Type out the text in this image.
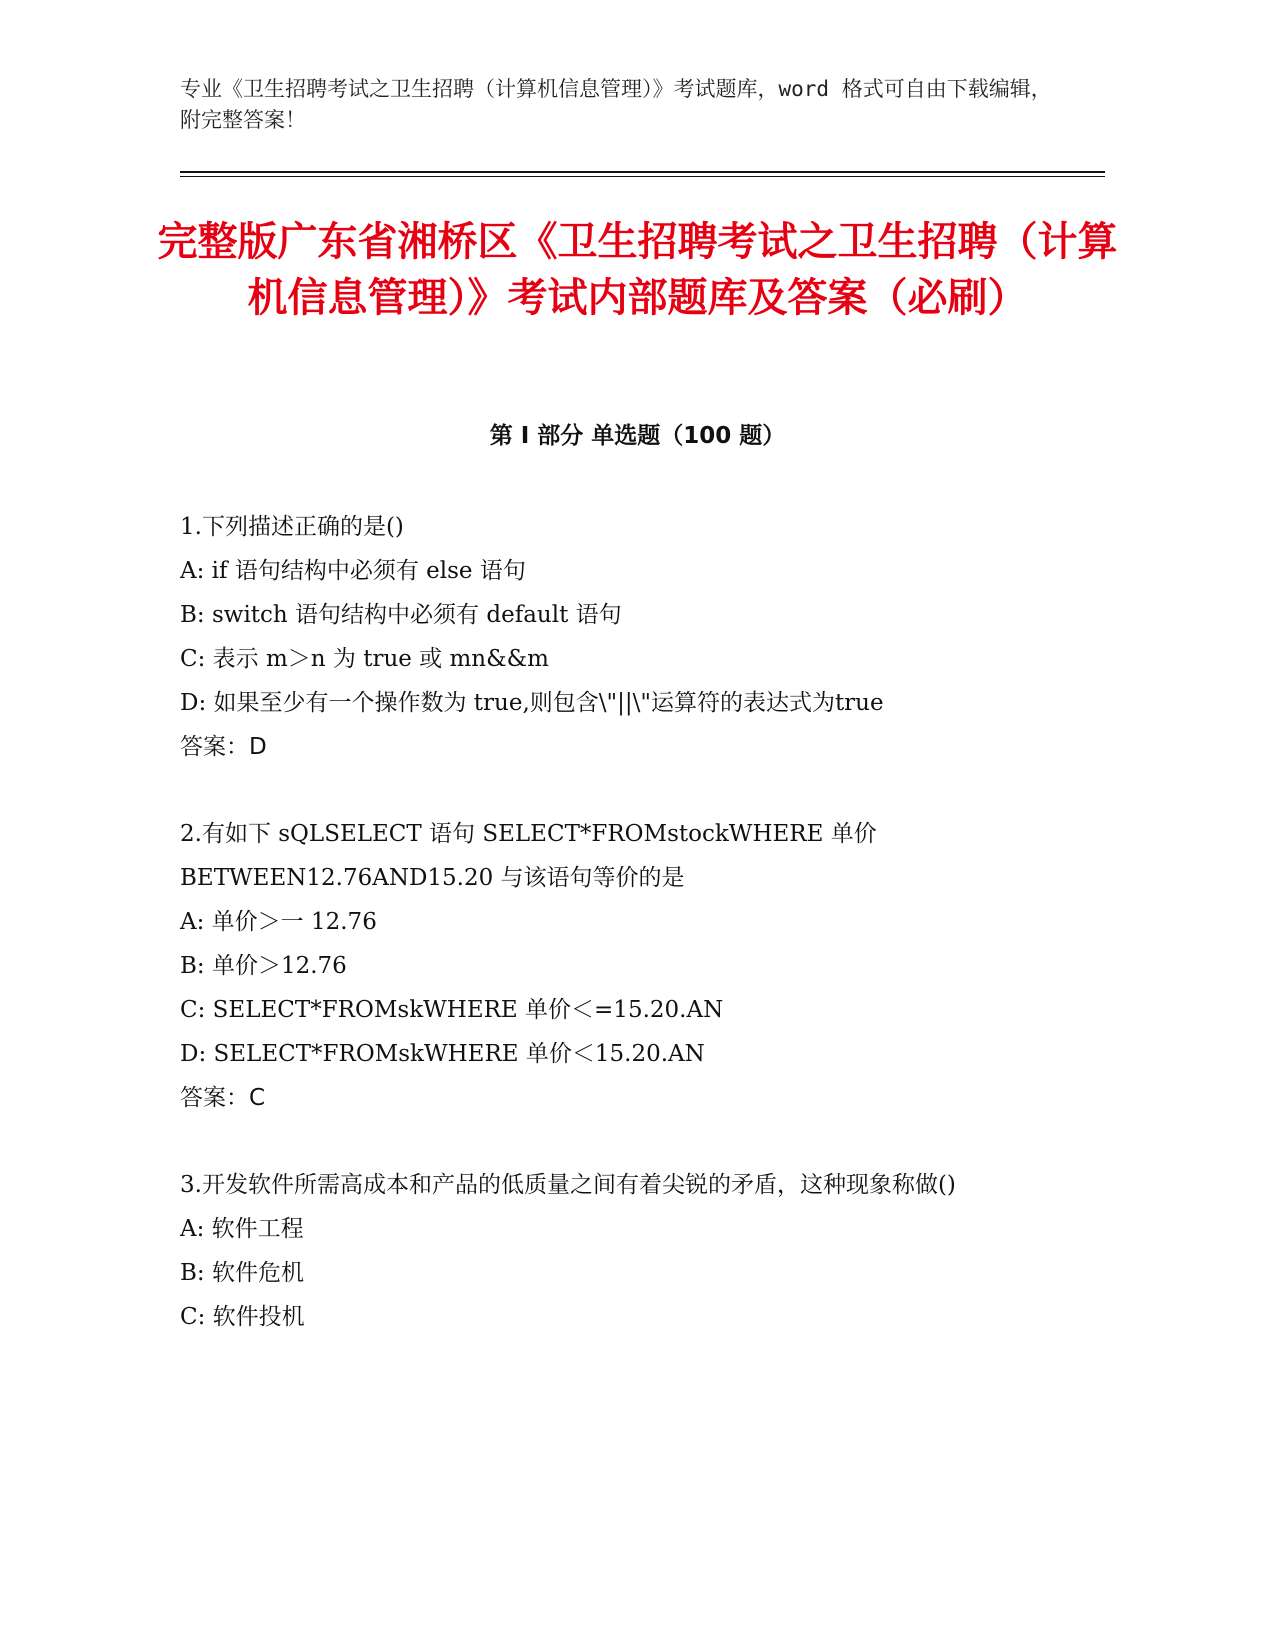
专业《卫生招聘考试之卫生招聘（计算机信息管理）》考试题库，word 格式可自由下载编辑，附完整答案！
完整版广东省湘桥区《卫生招聘考试之卫生招聘（计算机信息管理）》考试内部题库及答案（必刷）
第 I 部分 单选题（100 题）
1.下列描述正确的是()
A: if 语句结构中必须有 else 语句
B: switch 语句结构中必须有 default 语句
C: 表示 m＞n 为 true 或 mn&&m
D: 如果至少有一个操作数为 true,则包含\"||\"运算符的表达式为true
答案：D
2.有如下 sQLSELECT 语句 SELECT*FROMstockWHERE 单价BETWEEN12.76AND15.20 与该语句等价的是
A: 单价＞一 12.76
B: 单价＞12.76
C: SELECT*FROMskWHERE 单价＜=15.20.AN
D: SELECT*FROMskWHERE 单价＜15.20.AN
答案：C
3.开发软件所需高成本和产品的低质量之间有着尖锐的矛盾，这种现象称做()
A: 软件工程
B: 软件危机
C: 软件投机
